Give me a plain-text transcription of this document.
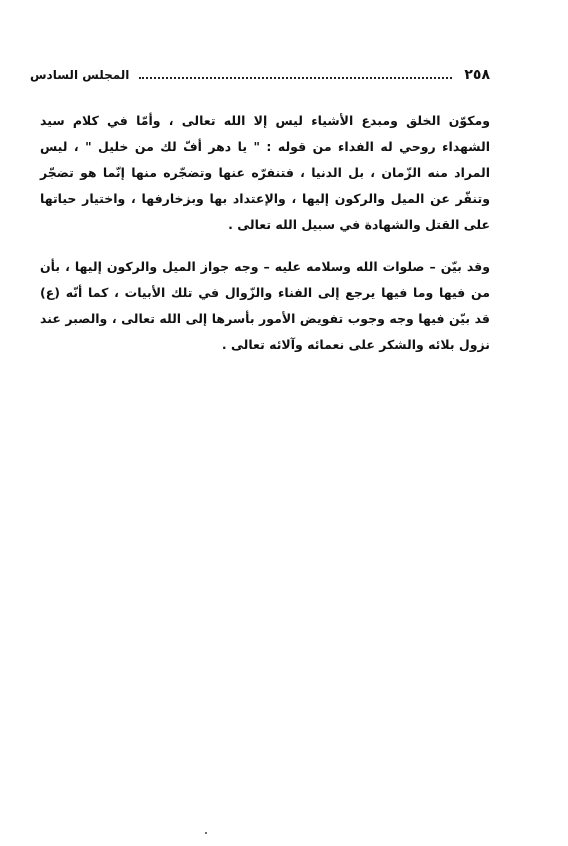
٢٥٨
المجلس السادس

ومكوّن الخلق ومبدع الأشياء ليس إلا الله تعالى ، وأمّا في كلام سيد الشهداء روحي له الفداء من قوله : " يا دهر أفّ لك من خليل " ، ليس المراد منه الزّمان ، بل الدنيا ، فتنفرّه عنها وتضجّره منها إنّما هو تضجّر وتنفّر عن الميل والركون إليها ، والإعتداد بها وبزخارفها ، واختيار حياتها على القتل والشهادة في سبيل الله تعالى .

وقد بيّن – صلوات الله وسلامه عليه – وجه جواز الميل والركون إليها ، بأن من فيها وما فيها يرجع إلى الفناء والزّوال في تلك الأبيات ، كما أنّه (ع) قد بيّن فيها وجه وجوب تفويض الأمور بأسرها إلى الله تعالى ، والصبر عند نزول بلائه والشكر على نعمائه وآلائه تعالى .
